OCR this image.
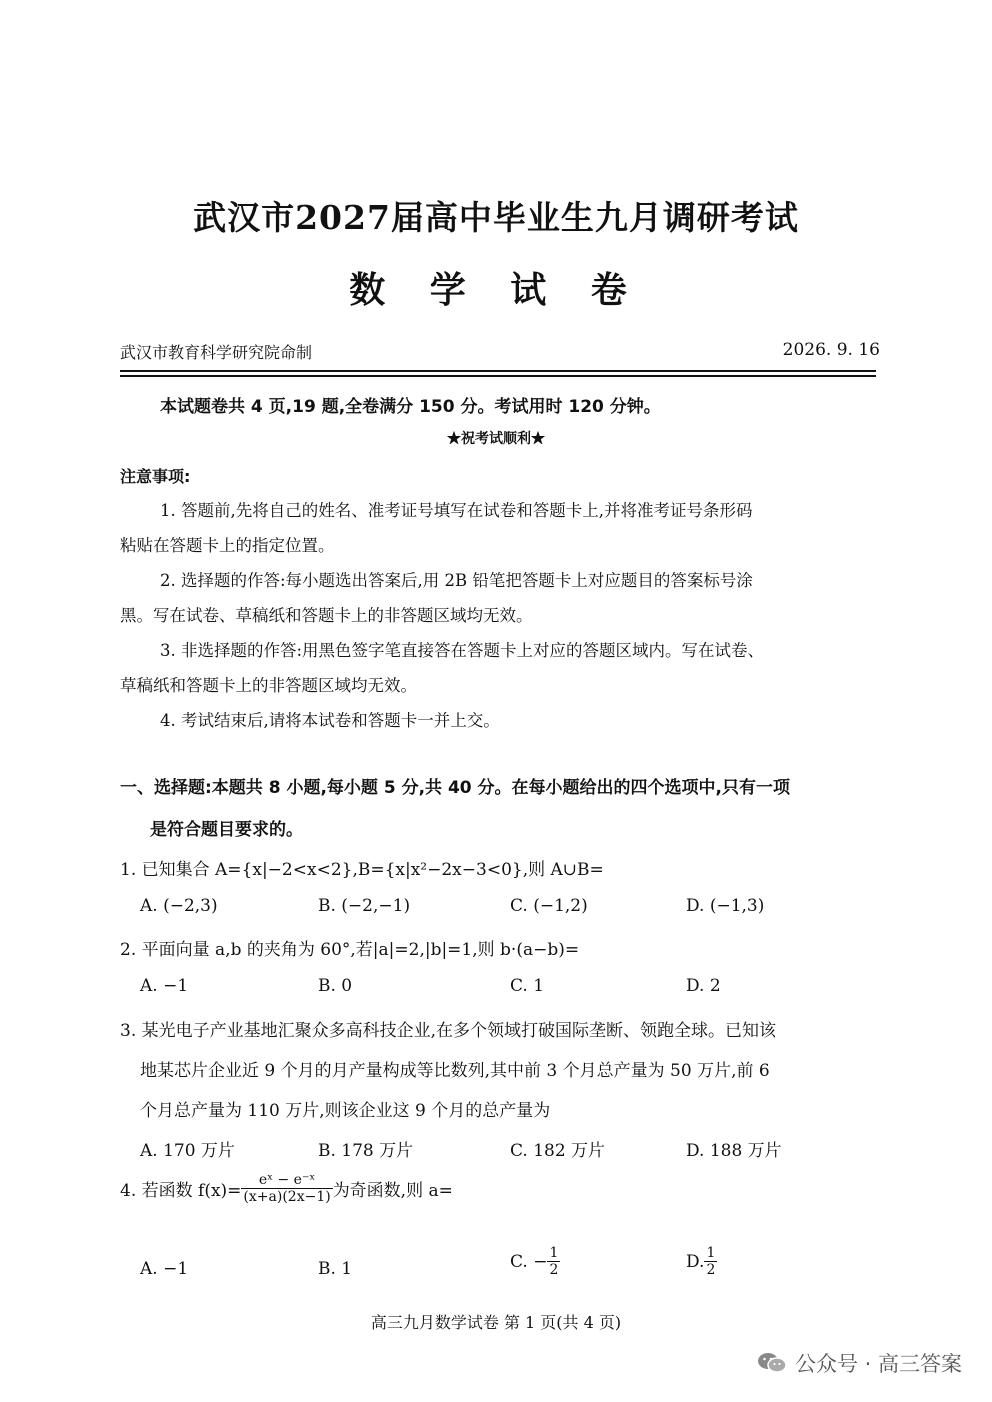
武汉市2027届高中毕业生九月调研考试
数 学 试 卷
武汉市教育科学研究院命制	2026. 9. 16
本试题卷共 4 页,19 题,全卷满分 150 分。考试用时 120 分钟。
★祝考试顺利★
注意事项:
1. 答题前,先将自己的姓名、准考证号填写在试卷和答题卡上,并将准考证号条形码
粘贴在答题卡上的指定位置。
2. 选择题的作答:每小题选出答案后,用 2B 铅笔把答题卡上对应题目的答案标号涂
黑。写在试卷、草稿纸和答题卡上的非答题区域均无效。
3. 非选择题的作答:用黑色签字笔直接答在答题卡上对应的答题区域内。写在试卷、
草稿纸和答题卡上的非答题区域均无效。
4. 考试结束后,请将本试卷和答题卡一并上交。
一、选择题:本题共 8 小题,每小题 5 分,共 40 分。在每小题给出的四个选项中,只有一项
是符合题目要求的。
1. 已知集合 A={x|−2<x<2},B={x|x²−2x−3<0},则 A∪B=
A. (−2,3)	B. (−2,−1)	C. (−1,2)	D. (−1,3)
2. 平面向量 a,b 的夹角为 60°,若|a|=2,|b|=1,则 b·(a−b)=
A. −1	B. 0	C. 1	D. 2
3. 某光电子产业基地汇聚众多高科技企业,在多个领域打破国际垄断、领跑全球。已知该
地某芯片企业近 9 个月的月产量构成等比数列,其中前 3 个月总产量为 50 万片,前 6
个月总产量为 110 万片,则该企业这 9 个月的总产量为
A. 170 万片	B. 178 万片	C. 182 万片	D. 188 万片
4. 若函数 $f(x)= \frac{\text{eˣ − e⁻ˣ}}{(x+a)(2x-1)}$ 为奇函数,则 a=
A. −1	B. 1	C. − $\frac{1}{2}$	D. $\frac{1}{2}$
高三九月数学试卷 第 1 页(共 4 页)
公众号 · 高三答案
